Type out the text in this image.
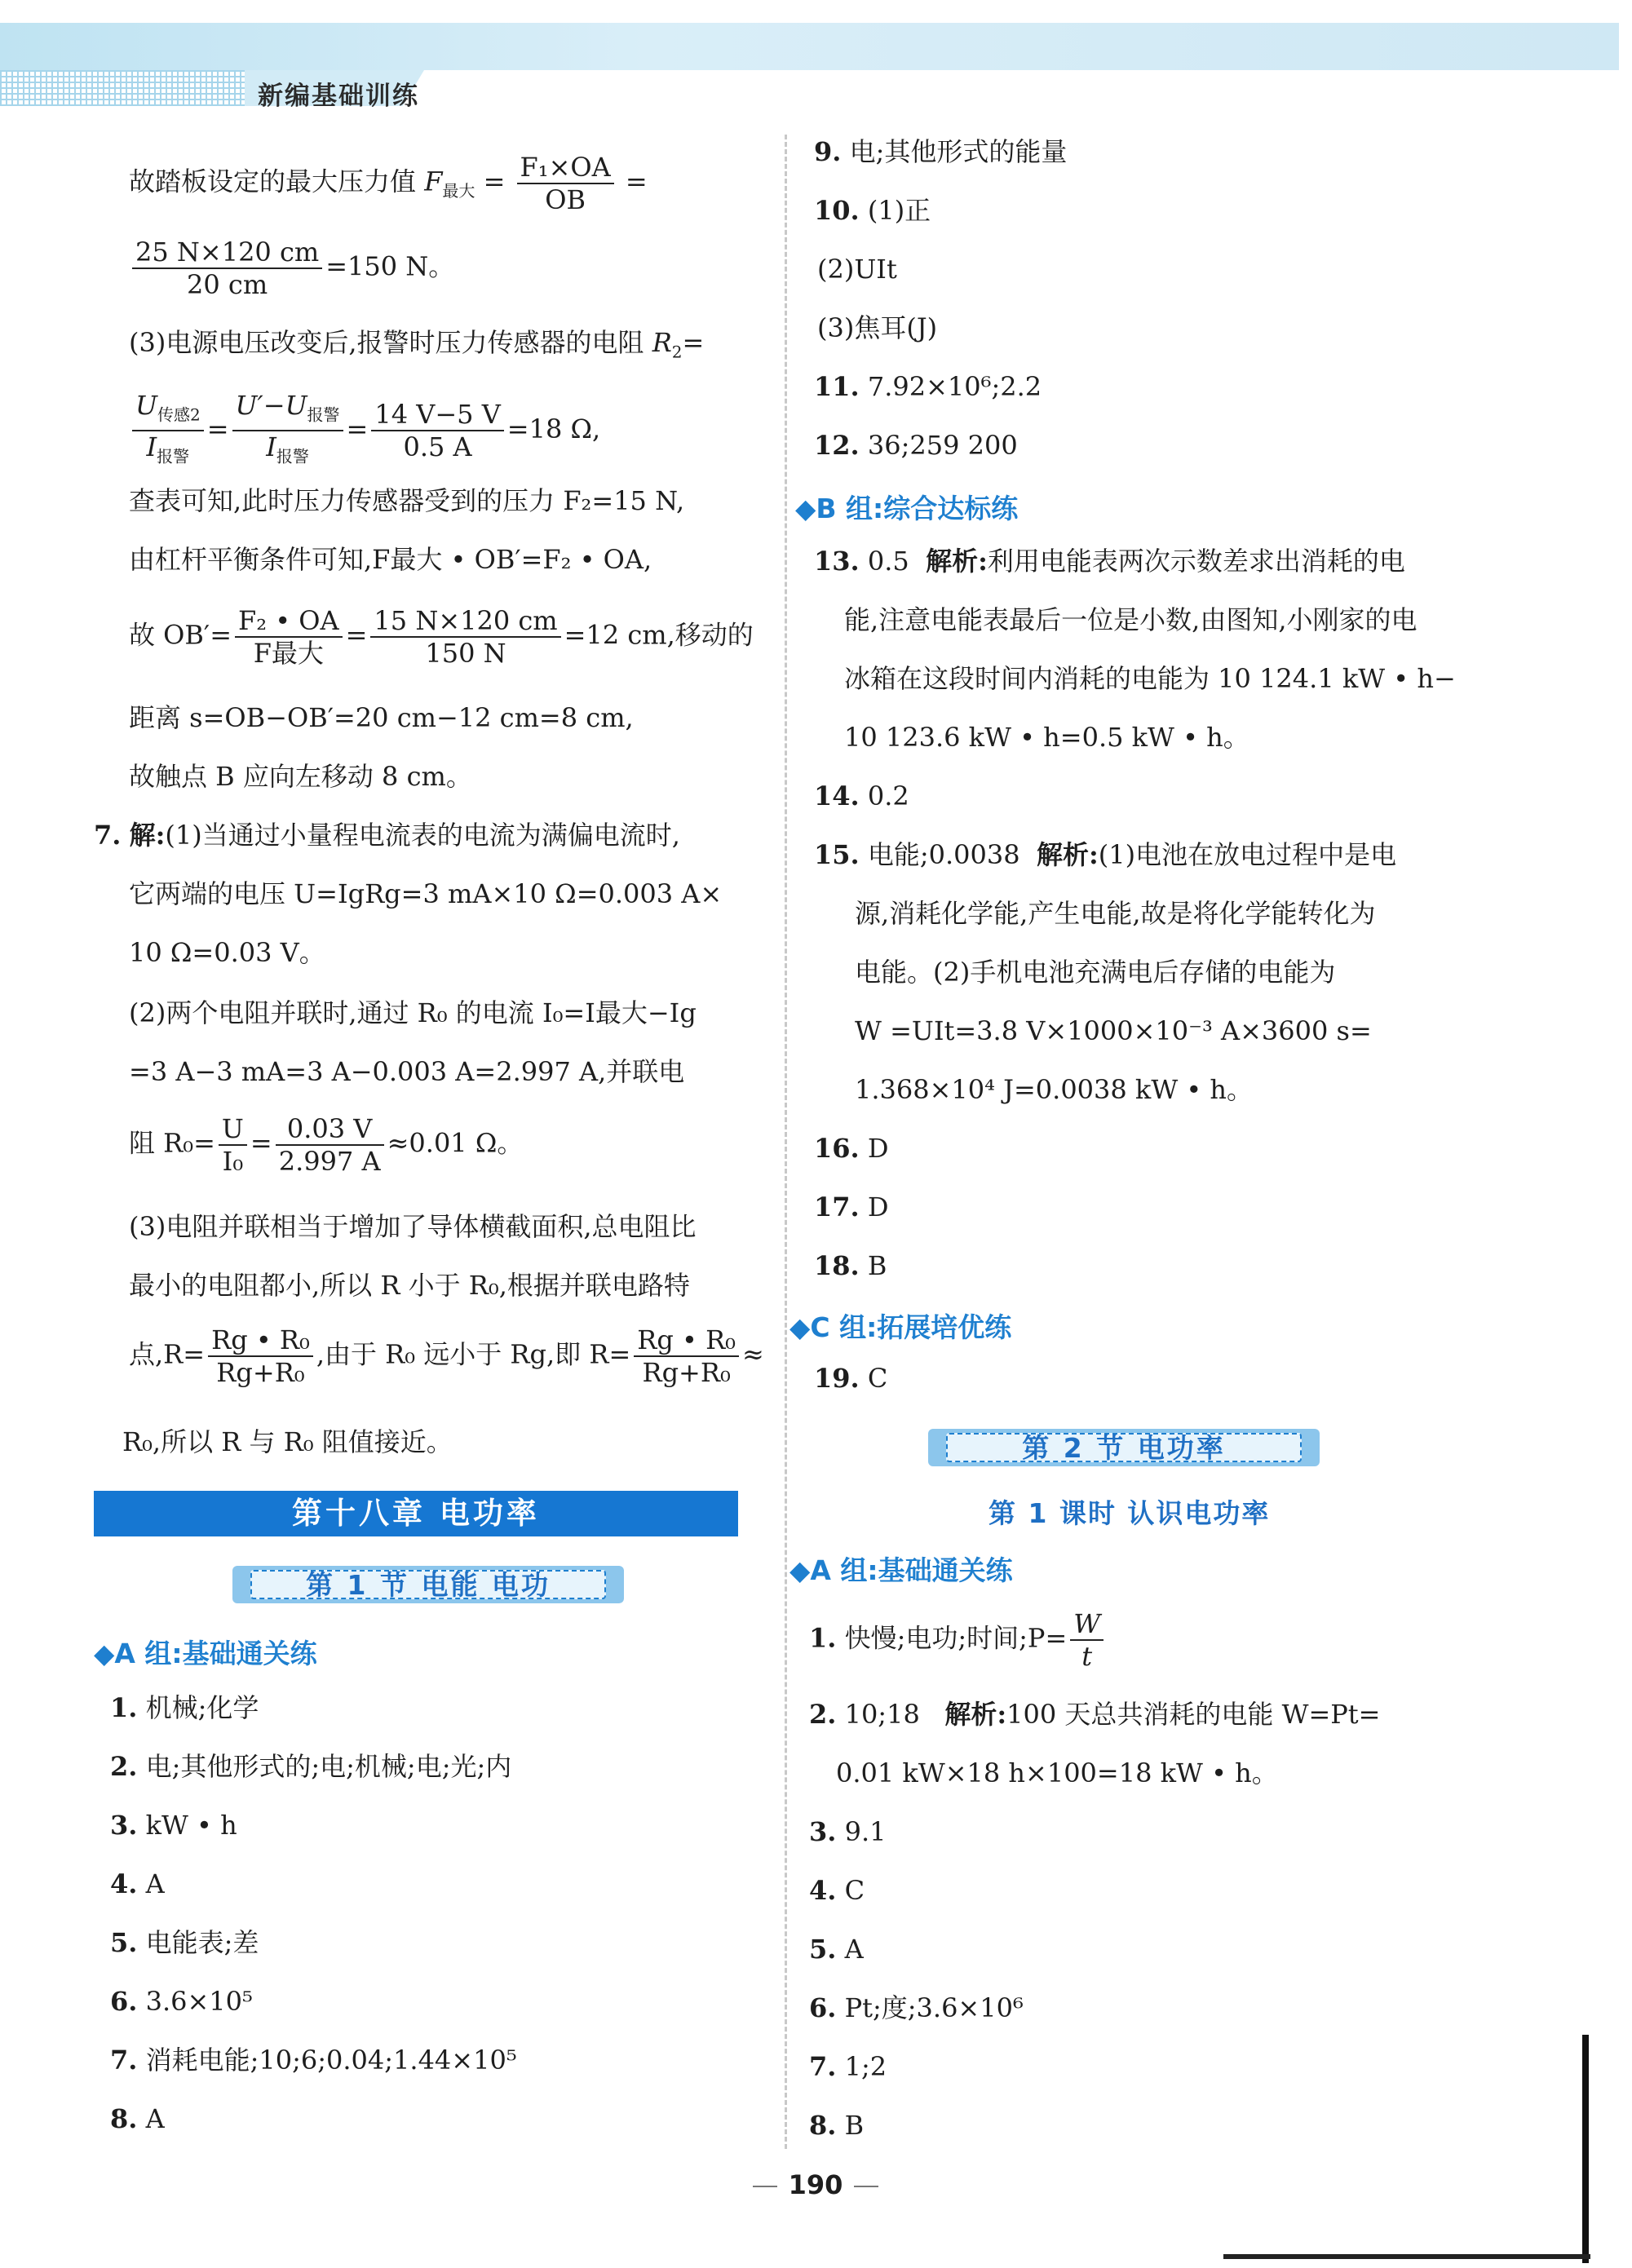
新编基础训练
故踏板设定的最大压力值 $F_{最大} = \frac{\text{F₁×OA}}{OB}$ =
$\frac{25 N\times 120 cm}{20 cm} =150$ N。
(3)电源电压改变后,报警时压力传感器的电阻 $R_2=$
$\frac{U_{传感2}}{I_{报警}} = \frac{U'-U_{报警}}{I_{报警}} = \frac{14 V-5 V}{0.5 A} =18$ Ω,
查表可知,此时压力传感器受到的压力 F₂=15 N,
由杠杆平衡条件可知,F最大 • OB′=F₂ • OA,
故 $OB'= \frac{\text{F₂ • OA}}{\text{F最大}} = \frac{15 N\times 120 cm}{150 N} =12$ cm,移动的
距离 s=OB−OB′=20 cm−12 cm=8 cm,
故触点 B 应向左移动 8 cm。
7. 解:(1)当通过小量程电流表的电流为满偏电流时,
它两端的电压 U=IgRg=3 mA×10 Ω=0.003 A×
10 Ω=0.03 V。
(2)两个电阻并联时,通过 R₀ 的电流 I₀=I最大−Ig
=3 A−3 mA=3 A−0.003 A=2.997 A,并联电
阻 $R_0= \frac{U}{\text{I₀}} = \frac{0.03 V}{2.997 A} \approx 0.01$ Ω。
(3)电阻并联相当于增加了导体横截面积,总电阻比
最小的电阻都小,所以 R 小于 R₀,根据并联电路特
点$,R= \frac{\text{Rg • R₀}}{\text{Rg+R₀}}$ ,由于 R₀ 远小于 Rg,即 $R= \frac{\text{Rg • R₀}}{\text{Rg+R₀}}$ ≈
R₀,所以 R 与 R₀ 阻值接近。
第十八章 电功率
第 1 节 电能 电功
◆A 组:基础通关练
1. 机械;化学
2. 电;其他形式的;电;机械;电;光;内
3. kW • h
4. A
5. 电能表;差
6. 3.6×10⁵
7. 消耗电能;10;6;0.04;1.44×10⁵
8. A
9. 电;其他形式的能量
10. (1)正
(2)UIt
(3)焦耳(J)
11. 7.92×10⁶;2.2
12. 36;259 200
◆B 组:综合达标练
13. 0.5 解析:利用电能表两次示数差求出消耗的电
能,注意电能表最后一位是小数,由图知,小刚家的电
冰箱在这段时间内消耗的电能为 10 124.1 kW • h−
10 123.6 kW • h=0.5 kW • h。
14. 0.2
15. 电能;0.0038 解析:(1)电池在放电过程中是电
源,消耗化学能,产生电能,故是将化学能转化为
电能。(2)手机电池充满电后存储的电能为
W =UIt=3.8 V×1000×10⁻³ A×3600 s=
1.368×10⁴ J=0.0038 kW • h。
16. D
17. D
18. B
◆C 组:拓展培优练
19. C
第 2 节 电功率
第 1 课时 认识电功率
◆A 组:基础通关练
1. 快慢;电功;时间;P= $\frac{W}{t}$
2. 10;18 解析:100 天总共消耗的电能 W=Pt=
0.01 kW×18 h×100=18 kW • h。
3. 9.1
4. C
5. A
6. Pt;度;3.6×10⁶
7. 1;2
8. B
190
